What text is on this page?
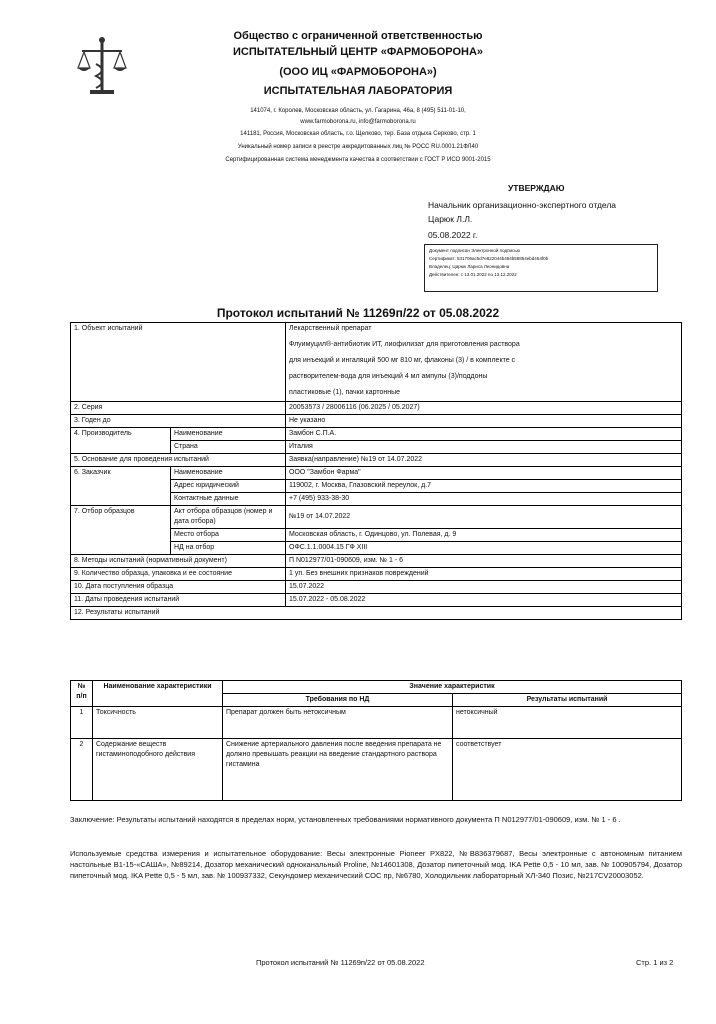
Общество с ограниченной ответственностью
ИСПЫТАТЕЛЬНЫЙ ЦЕНТР «ФАРМОБОРОНА»
(ООО ИЦ «ФАРМОБОРОНА»)
ИСПЫТАТЕЛЬНАЯ ЛАБОРАТОРИЯ
141074, г. Королев, Московская область, ул. Гагарина, 46а, 8 (495) 511-01-10,
www.farmoborona.ru, info@farmoborona.ru
141181, Россия, Московская область, г.о. Щелково, тер. База отдыха Серково, стр. 1
Уникальный номер записи в реестре аккредитованных лиц № РОСС RU.0001.21ФЛ40
Сертифицированная система менеджмента качества в соответствии с ГОСТ Р ИСО 9001-2015
УТВЕРЖДАЮ
Начальник организационно-экспертного отдела
Царюк Л.Л.
05.08.2022 г.
Документ подписан Электронной подписью
Сертификат: 531706ac5d7e822044b464b58854ebd454f0b
Владелец: Царюк Лариса Леонидовна
Действителен: с 13.01.2022 по 13.12.2022
Протокол испытаний № 11269п/22 от 05.08.2022
1. Объект испытаний		Лекарственный препарат
Флуимуцил®-антибиотик ИТ, лиофилизат для приготовления раствора
для инъекций и ингаляций 500 мг 810 мг, флаконы (3) / в комплекте с
растворителем-вода для инъекций 4 мл ампулы (3)/поддоны
пластиковые (1), пачки картонные

2. Серия		20053573 / 28006116 (06.2025 / 05.2027)
3. Годен до		Не указано
4. Производитель	Наименование	Замбон С.П.А.
	Страна	Италия
5. Основание для проведения испытаний		Заявка(направление) №19 от 14.07.2022
6. Заказчик	Наименование	ООО "Замбон Фарма"
	Адрес юридический	119002, г. Москва, Глазовский переулок, д.7
	Контактные данные	+7 (495) 933-38-30
7. Отбор образцов	Акт отбора образцов (номер и дата отбора)	№19 от 14.07.2022
	Место отбора	Московская область, г. Одинцово, ул. Полевая, д. 9
	НД на отбор	ОФС.1.1.0004.15 ГФ XIII
8. Методы испытаний (нормативный документ)		П N012977/01-090609, изм. № 1 - 6
9. Количество образца, упаковка и ее состояние		1 уп. Без внешних признаков повреждений
10. Дата поступления образца		15.07.2022
11. Даты проведения испытаний		15.07.2022 - 05.08.2022
12. Результаты испытаний		
№ п/п	Наименование характеристики	Значение характеристик	
		Требования по НД	Результаты испытаний
1	Токсичность	Препарат должен быть нетоксичным	нетоксичный
2	Содержание веществ гистаминоподобного действия	Снижение артериального давления после введения препарата не должно превышать реакции на введение стандартного раствора гистамина	соответствует
Заключение: Результаты испытаний находятся в пределах норм, установленных требованиями нормативного документа П N012977/01-090609, изм. № 1 - 6 .
Используемые средства измерения и испытательное оборудование: Весы электронные Pioneer PX822, №B836379687, Весы электронные с автономным питанием настольные В1-15-«САША», №89214, Дозатор механический одноканальный Proline, №14601308, Дозатор пипеточный мод. IKA Pette 0,5 - 10 мл, зав. № 100905794, Дозатор пипеточный мод. IKA Pette 0,5 - 5 мл, зав. № 100937332, Секундомер механический СОС пр, №6780, Холодильник лабораторный ХЛ-340 Позис, №217CV20003052.
Протокол испытаний № 11269п/22 от 05.08.2022	Стр. 1 из 2
